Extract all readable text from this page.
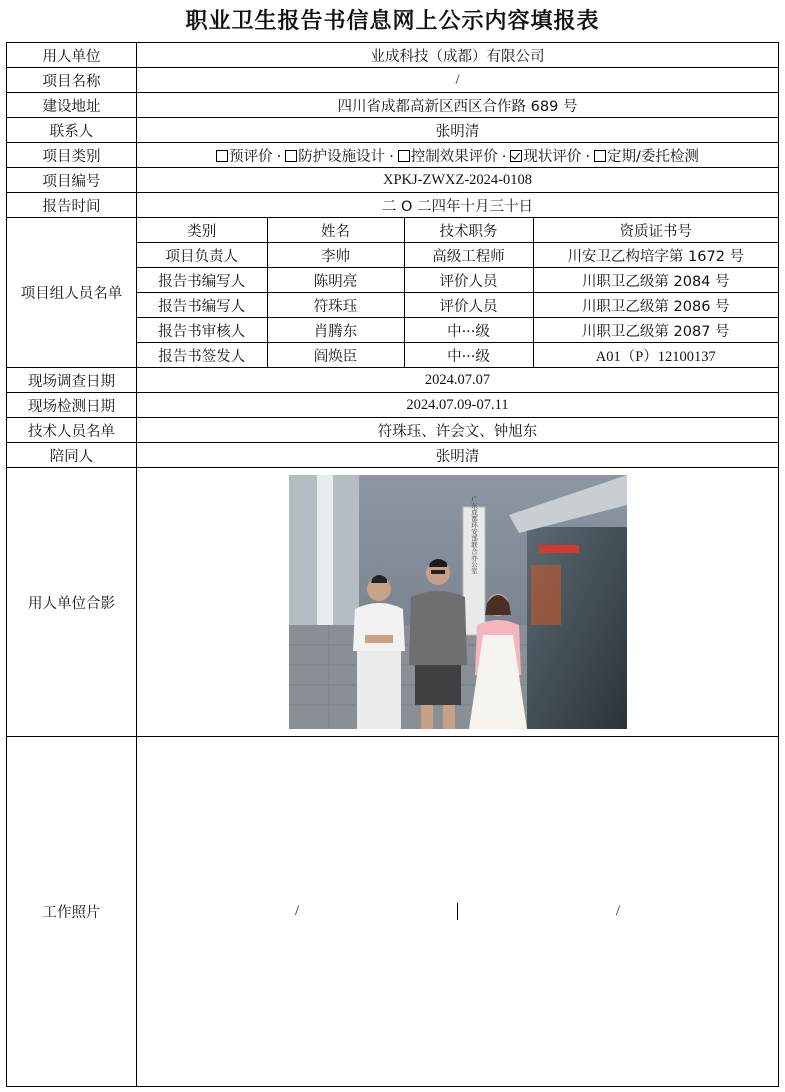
职业卫生报告书信息网上公示内容填报表
用人单位	业成科技（成都）有限公司
项目名称	/
建设地址	四川省成都高新区西区合作路 689 号
联系人	张明清
项目类别	预评价 · 防护设施设计 · 控制效果评价 · 现状评价 · 定期/委托检测
项目编号	XPKJ-ZWXZ-2024-0108
报告时间	二 O 二四年十月三十日
项目组人员名单	
类别	姓名	技术职务	资质证书号
项目负责人	李帅	高级工程师	川安卫乙构培字第 1672 号
报告书编写人	陈明亮	评价人员	川职卫乙级第 2084 号
报告书编写人	符珠珏	评价人员	川职卫乙级第 2086 号
报告书审核人	肖腾东	中···级	川职卫乙级第 2087 号
报告书签发人	阎焕臣	中···级	A01（P）12100137

现场调查日期	2024.07.07
现场检测日期	2024.07.09-07.11
技术人员名单	符珠珏、许会文、钟旭东
陪同人	张明清
用人单位合影	
广东成都环安部联合办公室

工作照片	/	/
